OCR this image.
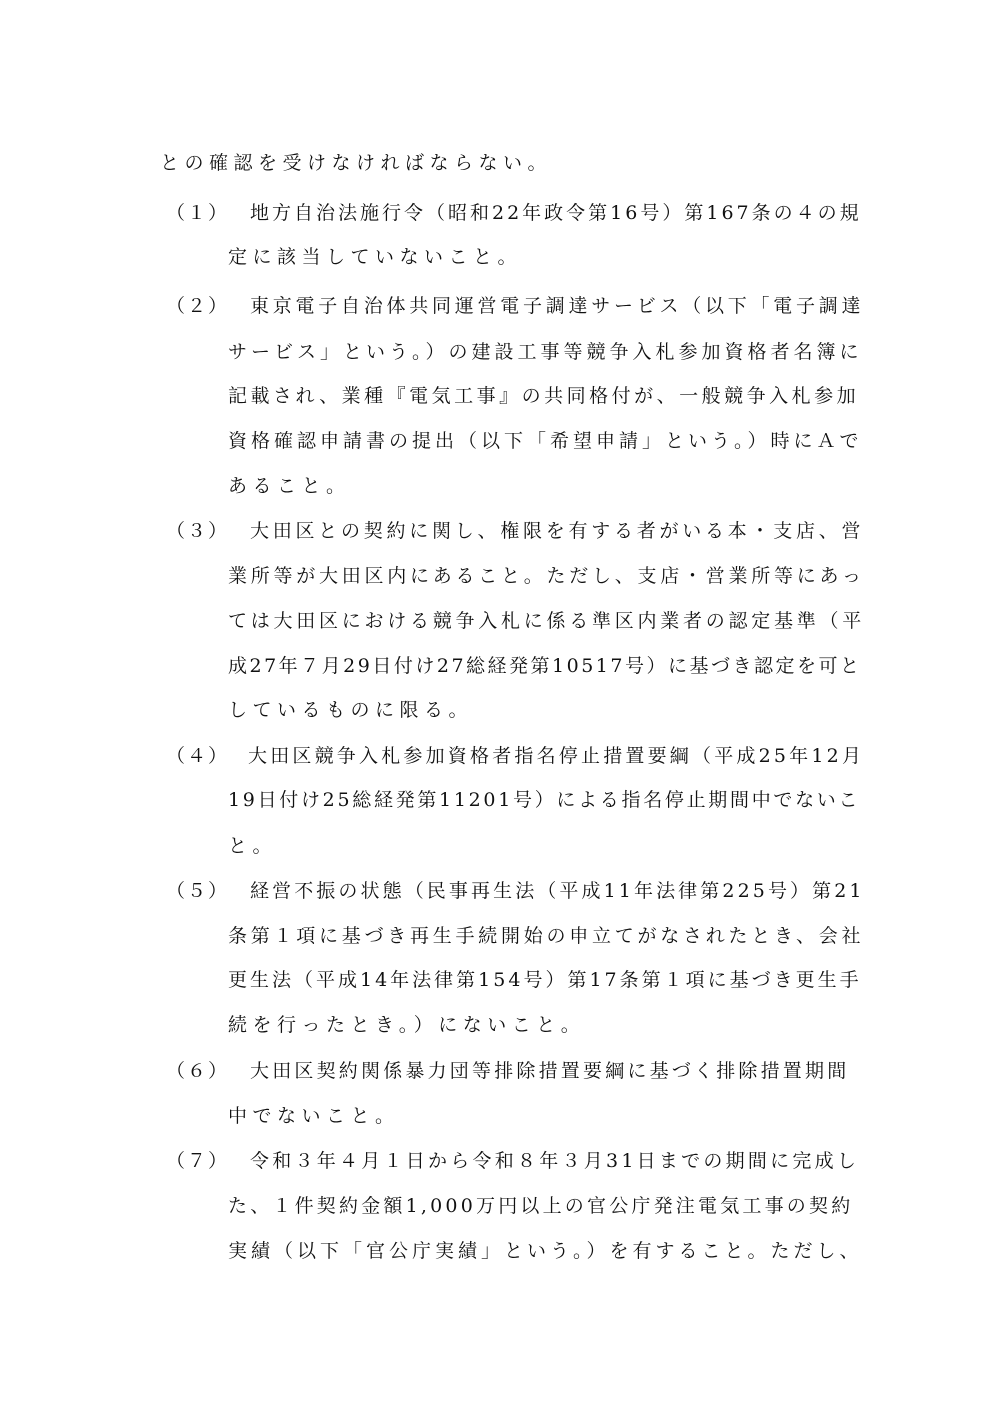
との確認を受けなければならない。
（１） 地方自治法施行令（昭和22年政令第16号）第167条の４の規
定に該当していないこと。
（２） 東京電子自治体共同運営電子調達サービス（以下「電子調達
サービス」という。）の建設工事等競争入札参加資格者名簿に
記載され、業種『電気工事』の共同格付が、一般競争入札参加
資格確認申請書の提出（以下「希望申請」という。）時にＡで
あること。
（３） 大田区との契約に関し、権限を有する者がいる本・支店、営
業所等が大田区内にあること。ただし、支店・営業所等にあっ
ては大田区における競争入札に係る準区内業者の認定基準（平
成27年７月29日付け27総経発第10517号）に基づき認定を可と
しているものに限る。
（４） 大田区競争入札参加資格者指名停止措置要綱（平成25年12月
19日付け25総経発第11201号）による指名停止期間中でないこ
と。
（５） 経営不振の状態（民事再生法（平成11年法律第225号）第21
条第１項に基づき再生手続開始の申立てがなされたとき、会社
更生法（平成14年法律第154号）第17条第１項に基づき更生手
続を行ったとき。）にないこと。
（６） 大田区契約関係暴力団等排除措置要綱に基づく排除措置期間
中でないこと。
（７） 令和３年４月１日から令和８年３月31日までの期間に完成し
た、１件契約金額1,000万円以上の官公庁発注電気工事の契約
実績（以下「官公庁実績」という。）を有すること。ただし、
